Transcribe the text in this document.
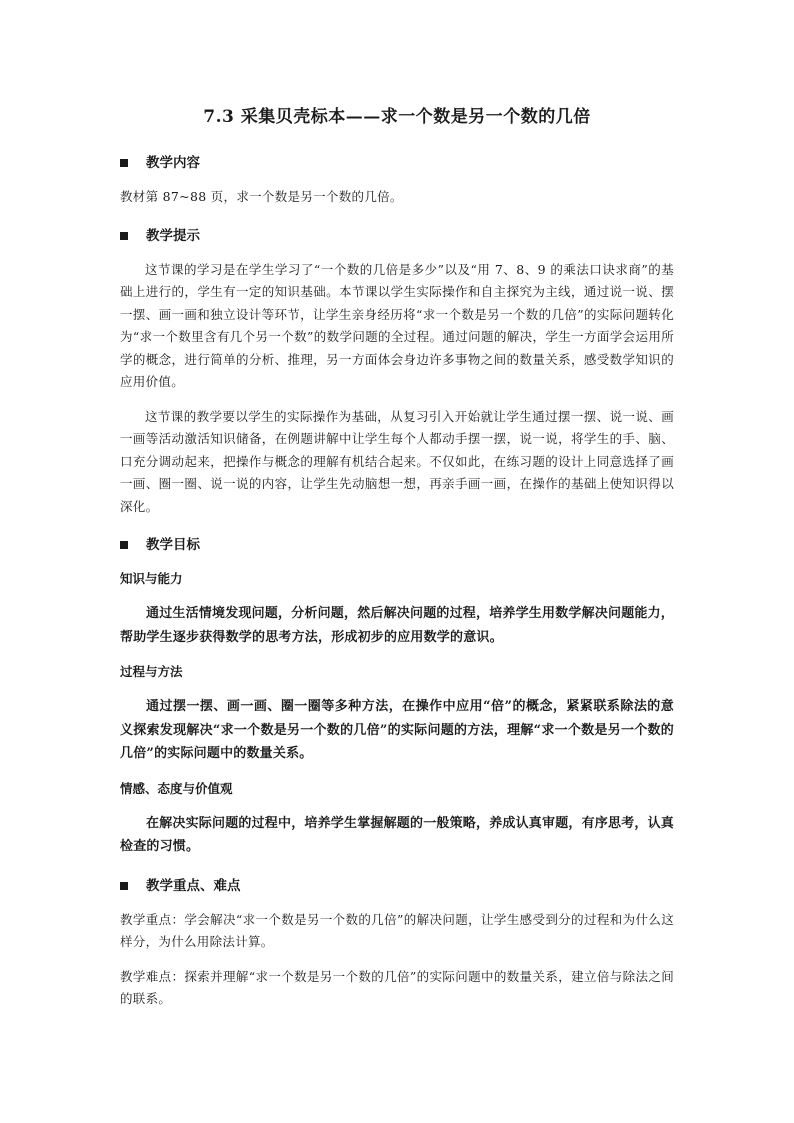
7.3 采集贝壳标本——求一个数是另一个数的几倍
教学内容

教材第 87~88 页，求一个数是另一个数的几倍。

教学提示

这节课的学习是在学生学习了“一个数的几倍是多少”以及“用 7、8、9 的乘法口诀求商”的基础上进行的，学生有一定的知识基础。本节课以学生实际操作和自主探究为主线，通过说一说、摆一摆、画一画和独立设计等环节，让学生亲身经历将“求一个数是另一个数的几倍”的实际问题转化为“求一个数里含有几个另一个数”的数学问题的全过程。通过问题的解决，学生一方面学会运用所学的概念，进行简单的分析、推理，另一方面体会身边许多事物之间的数量关系，感受数学知识的应用价值。

这节课的教学要以学生的实际操作为基础，从复习引入开始就让学生通过摆一摆、说一说、画一画等活动激活知识储备，在例题讲解中让学生每个人都动手摆一摆，说一说，将学生的手、脑、口充分调动起来，把操作与概念的理解有机结合起来。不仅如此，在练习题的设计上同意选择了画一画、圈一圈、说一说的内容，让学生先动脑想一想，再亲手画一画，在操作的基础上使知识得以深化。

教学目标

知识与能力

通过生活情境发现问题，分析问题，然后解决问题的过程，培养学生用数学解决问题能力，帮助学生逐步获得数学的思考方法，形成初步的应用数学的意识。

过程与方法

通过摆一摆、画一画、圈一圈等多种方法，在操作中应用“倍”的概念，紧紧联系除法的意义探索发现解决“求一个数是另一个数的几倍”的实际问题的方法，理解“求一个数是另一个数的几倍”的实际问题中的数量关系。

情感、态度与价值观

在解决实际问题的过程中，培养学生掌握解题的一般策略，养成认真审题，有序思考，认真检查的习惯。

教学重点、难点

教学重点：学会解决“求一个数是另一个数的几倍”的解决问题，让学生感受到分的过程和为什么这样分，为什么用除法计算。

教学难点：探索并理解“求一个数是另一个数的几倍”的实际问题中的数量关系，建立倍与除法之间的联系。
